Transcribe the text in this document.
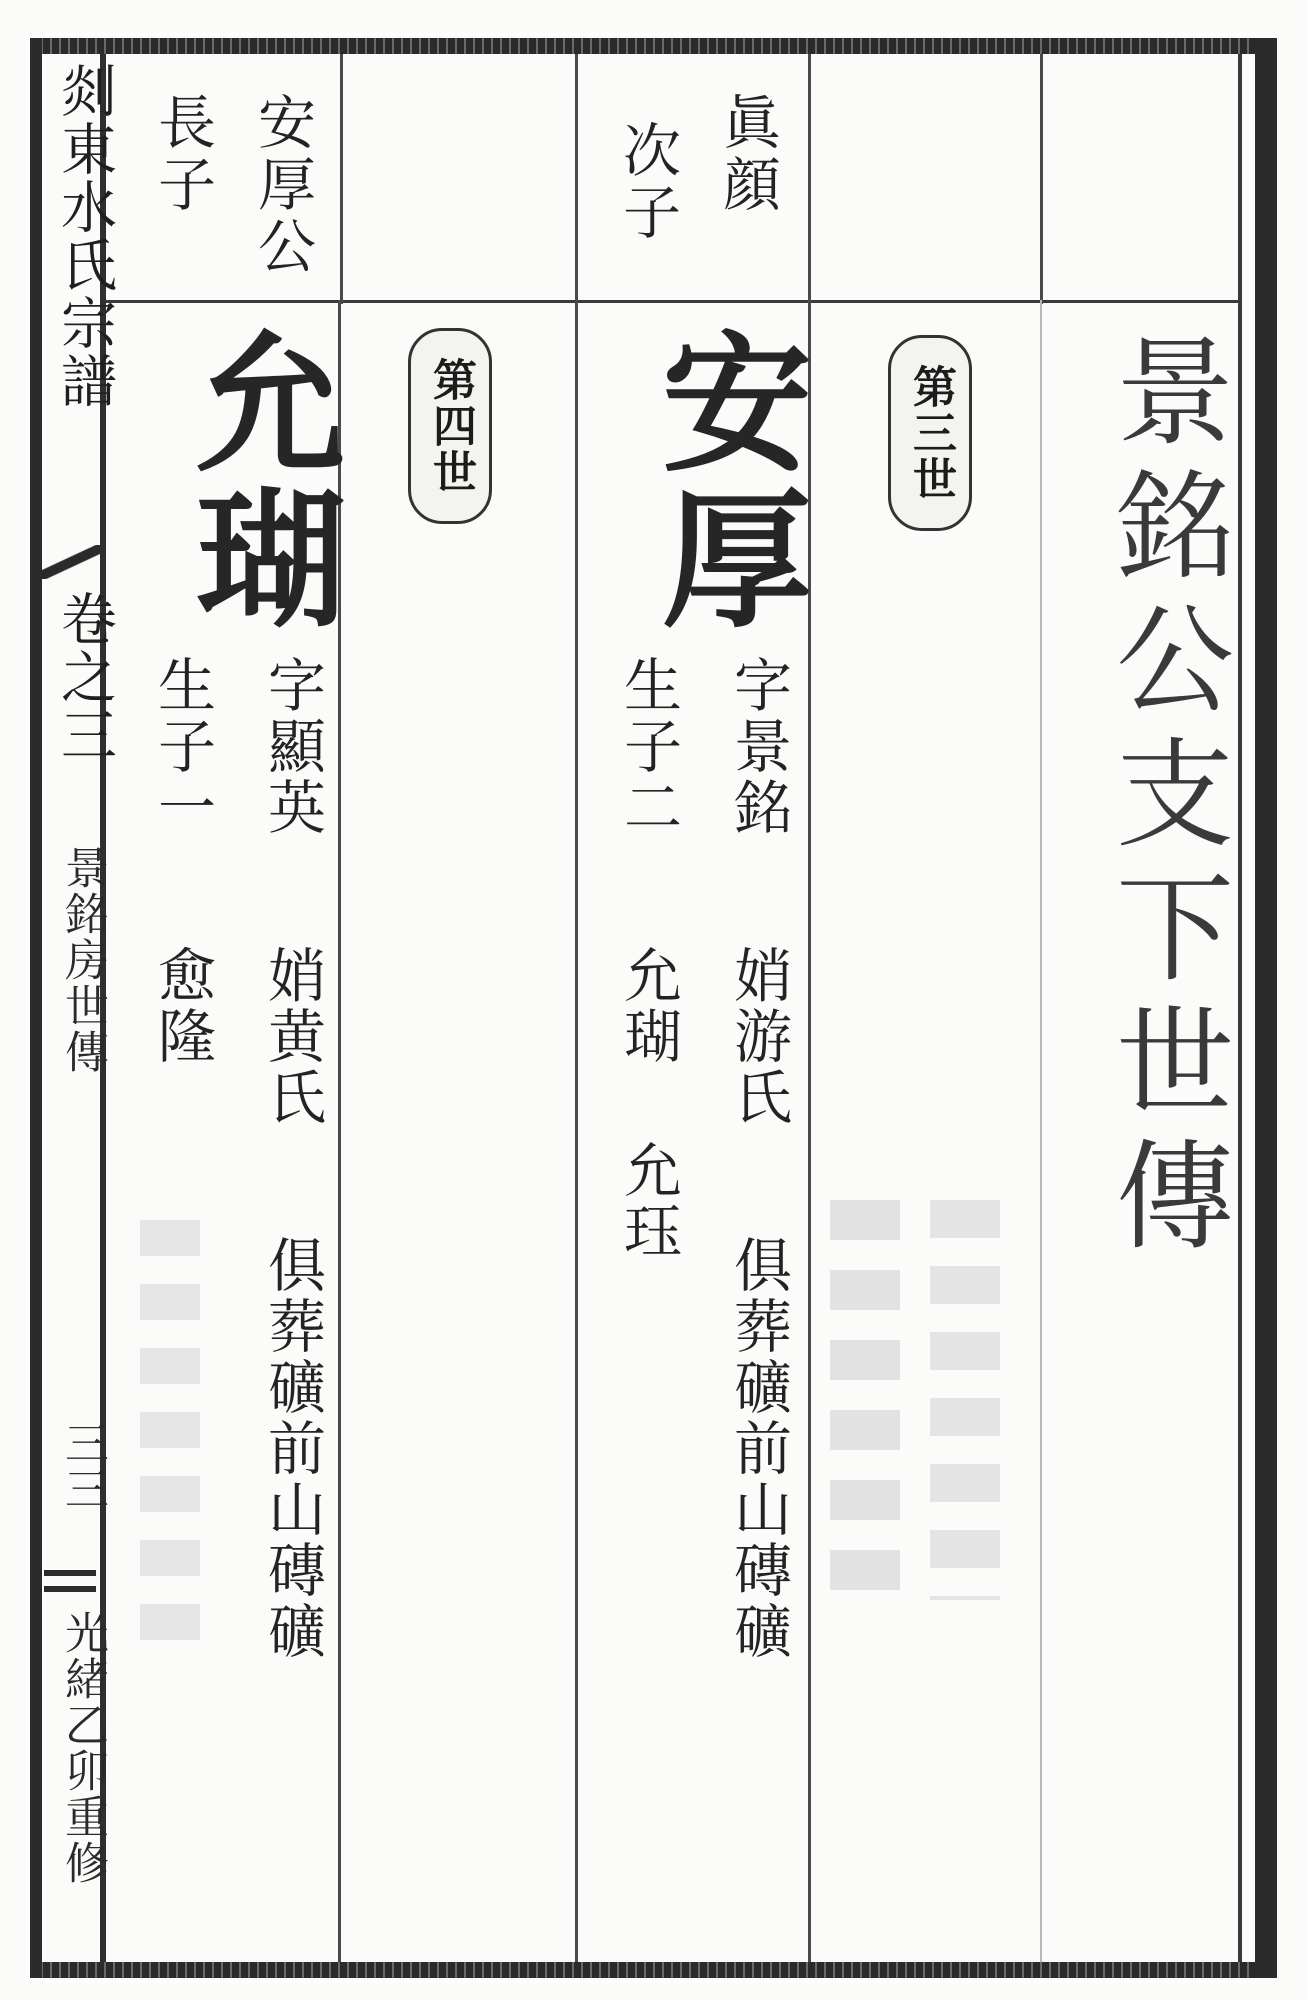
剡東水氏宗譜
卷之三
景銘房世傳
三三
光緒乙卯重修
眞顔
次子
安厚公
長子
景銘公支下世傳
第三世
第四世 安厚
字景銘
娋游氏
俱葬礦前山磚礦
生子二
允瑚
允珏
允瑚
字顯英
娋黄氏
俱葬礦前山磚礦
生子一
愈隆
